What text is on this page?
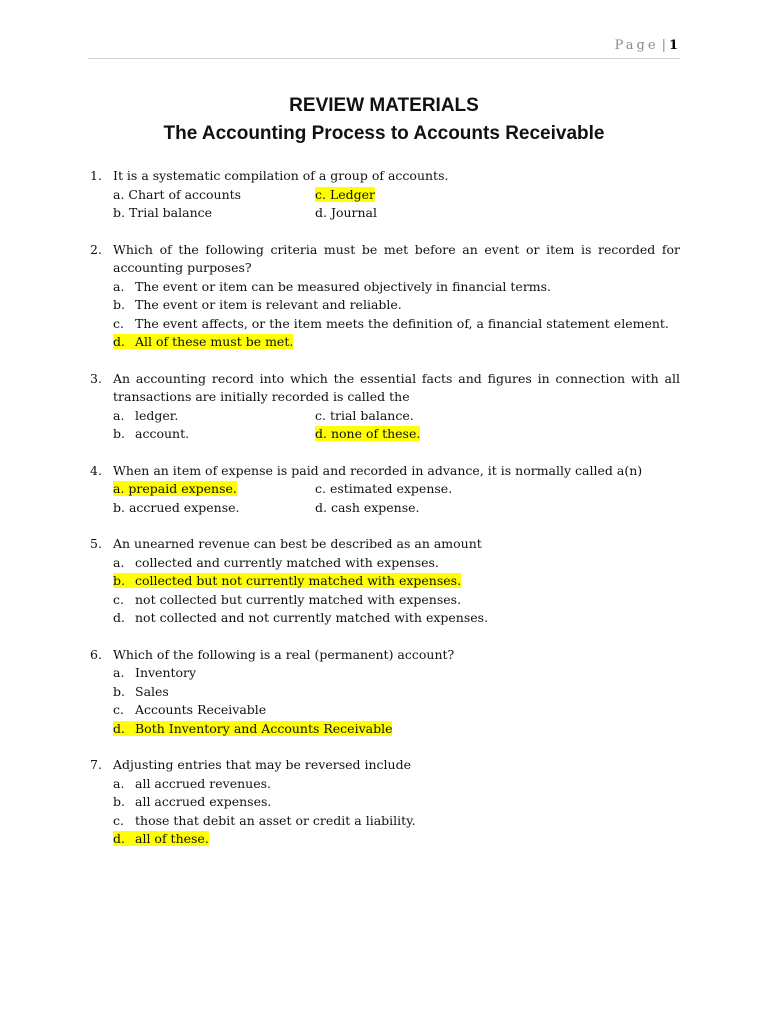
Page | 1
REVIEW MATERIALS
The Accounting Process to Accounts Receivable
1. It is a systematic compilation of a group of accounts.
a. Chart of accounts	c. Ledger
b. Trial balance	d. Journal
2. Which of the following criteria must be met before an event or item is recorded for accounting purposes?
a. The event or item can be measured objectively in financial terms.
b. The event or item is relevant and reliable.
c. The event affects, or the item meets the definition of, a financial statement element.
d. All of these must be met.
3. An accounting record into which the essential facts and figures in connection with all transactions are initially recorded is called the
a. ledger.	c. trial balance.
b. account.	d. none of these.
4. When an item of expense is paid and recorded in advance, it is normally called a(n)
a. prepaid expense.	c. estimated expense.
b. accrued expense.	d. cash expense.
5. An unearned revenue can best be described as an amount
a. collected and currently matched with expenses.
b. collected but not currently matched with expenses.
c. not collected but currently matched with expenses.
d. not collected and not currently matched with expenses.
6. Which of the following is a real (permanent) account?
a. Inventory
b. Sales
c. Accounts Receivable
d. Both Inventory and Accounts Receivable
7. Adjusting entries that may be reversed include
a. all accrued revenues.
b. all accrued expenses.
c. those that debit an asset or credit a liability.
d. all of these.
